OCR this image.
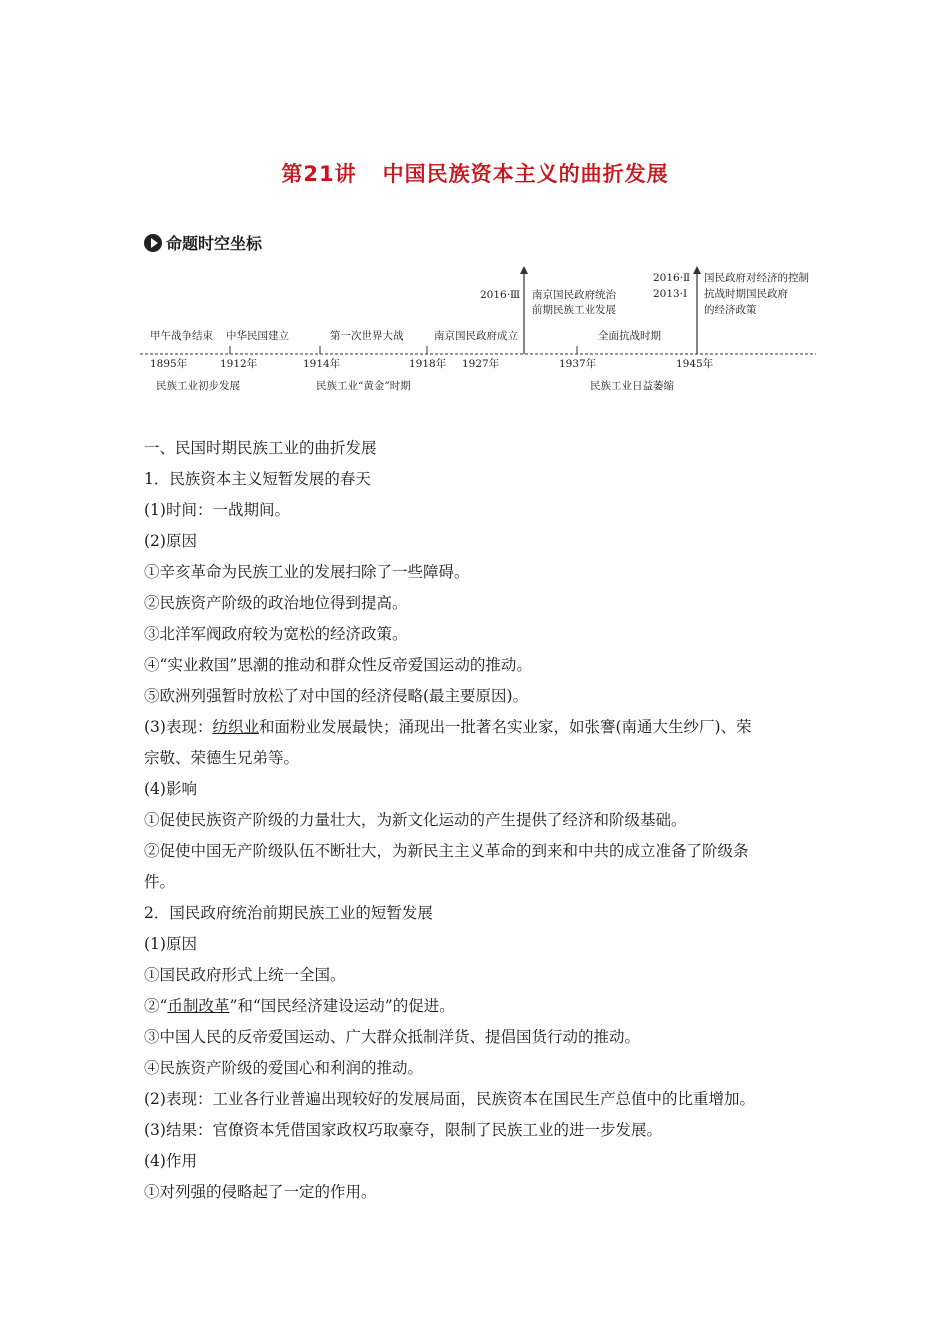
第21讲 中国民族资本主义的曲折发展
命题时空坐标
甲午战争结束 中华民国建立	第一次世界大战	南京国民政府成立	全面抗战时期
1895年	1912年	1914年	1918年 1927年	1937年	1945年
民族工业初步发展	民族工业“黄金”时期	民族工业日益萎缩
2016·Ⅲ 南京国民政府统治
前期民族工业发展
2016·Ⅱ
2013·Ⅰ
国民政府对经济的控制
抗战时期国民政府
的经济政策

一、民国时期民族工业的曲折发展

1．民族资本主义短暂发展的春天

(1)时间：一战期间。

(2)原因

①辛亥革命为民族工业的发展扫除了一些障碍。

②民族资产阶级的政治地位得到提高。

③北洋军阀政府较为宽松的经济政策。

④“实业救国”思潮的推动和群众性反帝爱国运动的推动。

⑤欧洲列强暂时放松了对中国的经济侵略(最主要原因)。

(3)表现：纺织业和面粉业发展最快；涌现出一批著名实业家，如张謇(南通大生纱厂)、荣

宗敬、荣德生兄弟等。

(4)影响

①促使民族资产阶级的力量壮大，为新文化运动的产生提供了经济和阶级基础。

②促使中国无产阶级队伍不断壮大，为新民主主义革命的到来和中共的成立准备了阶级条

件。

2．国民政府统治前期民族工业的短暂发展

(1)原因

①国民政府形式上统一全国。

②“币制改革”和“国民经济建设运动”的促进。

③中国人民的反帝爱国运动、广大群众抵制洋货、提倡国货行动的推动。

④民族资产阶级的爱国心和利润的推动。

(2)表现：工业各行业普遍出现较好的发展局面，民族资本在国民生产总值中的比重增加。

(3)结果：官僚资本凭借国家政权巧取豪夺，限制了民族工业的进一步发展。

(4)作用

①对列强的侵略起了一定的作用。
